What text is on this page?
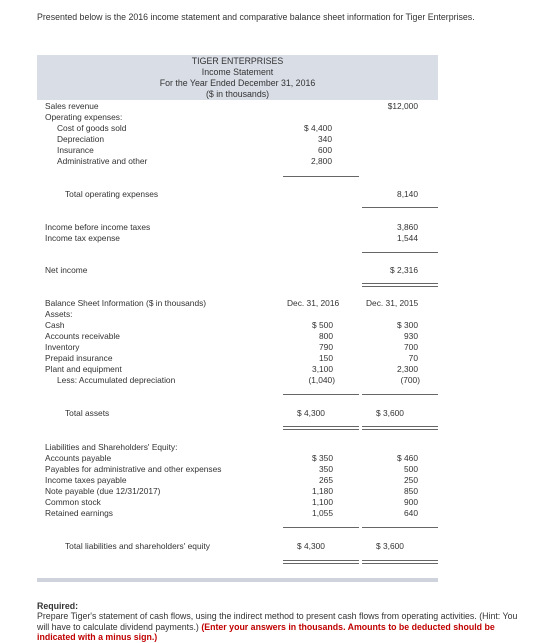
Presented below is the 2016 income statement and comparative balance sheet information for Tiger Enterprises.
TIGER ENTERPRISES
Income Statement
For the Year Ended December 31, 2016
($ in thousands)
Sales revenue	$12,000
Operating expenses:
Cost of goods sold	$ 4,400
Depreciation	340
Insurance	600
Administrative and other	2,800
Total operating expenses	8,140
Income before income taxes	3,860
Income tax expense	1,544
Net income	$ 2,316
Balance Sheet Information ($ in thousands)	Dec. 31, 2016	Dec. 31, 2015
Assets:
Cash	$ 500	$ 300
Accounts receivable	800	930
Inventory	790	700
Prepaid insurance	150	70
Plant and equipment	3,100	2,300
Less: Accumulated depreciation	(1,040)	(700)
Total assets	$ 4,300	$ 3,600
Liabilities and Shareholders' Equity:
Accounts payable	$ 350	$ 460
Payables for administrative and other expenses	350	500
Income taxes payable	265	250
Note payable (due 12/31/2017)	1,180	850
Common stock	1,100	900
Retained earnings	1,055	640
Total liabilities and shareholders' equity	$ 4,300	$ 3,600
Required:
Prepare Tiger's statement of cash flows, using the indirect method to present cash flows from operating activities. (Hint: You will have to calculate dividend payments.) (Enter your answers in thousands. Amounts to be deducted should be indicated with a minus sign.)
